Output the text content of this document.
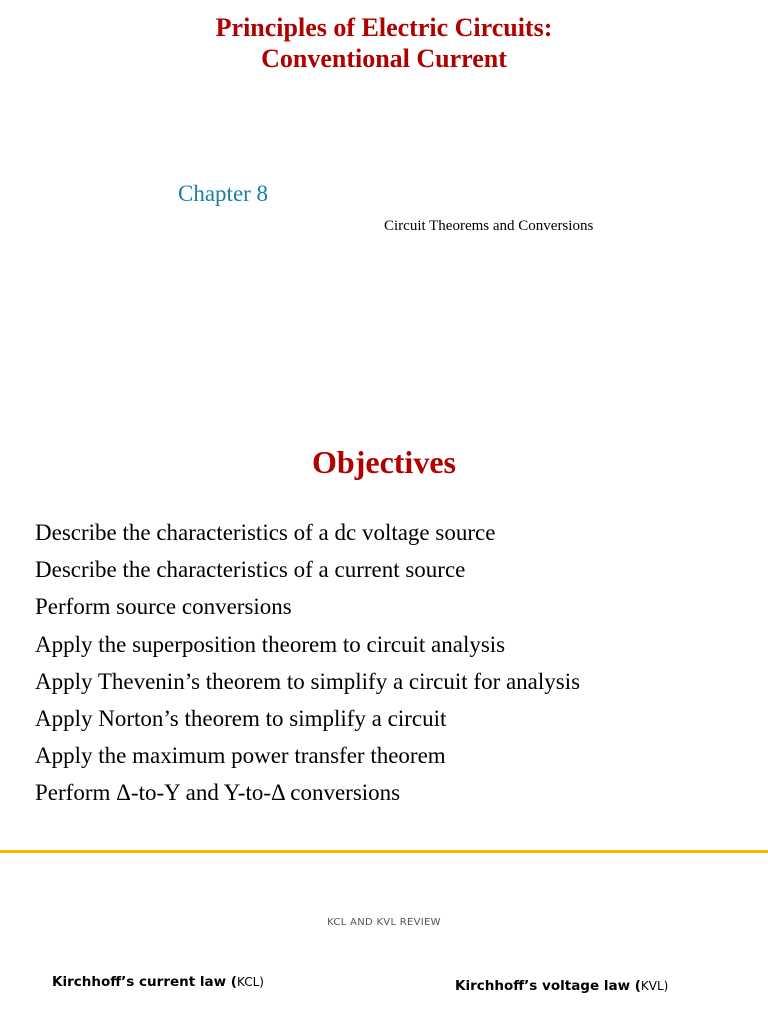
Principles of Electric Circuits:
Conventional Current
Chapter 8
Circuit Theorems and Conversions
Objectives
Describe the characteristics of a dc voltage source
Describe the characteristics of a current source
Perform source conversions
Apply the superposition theorem to circuit analysis
Apply Thevenin’s theorem to simplify a circuit for analysis
Apply Norton’s theorem to simplify a circuit
Apply the maximum power transfer theorem
Perform Δ-to-Y and Y-to-Δ conversions
KCL AND KVL REVIEW
Kirchhoff’s current law (KCL)	Kirchhoff’s voltage law (KVL)
